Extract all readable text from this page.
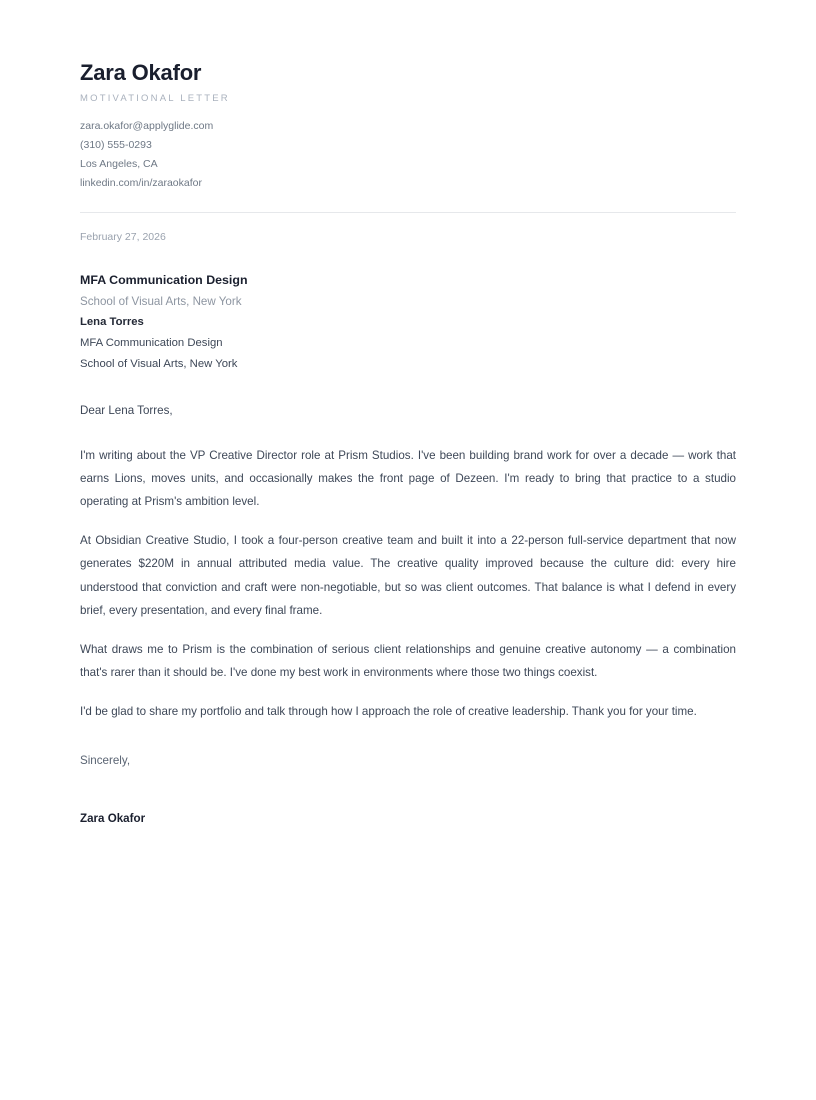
Zara Okafor
MOTIVATIONAL LETTER
zara.okafor@applyglide.com
(310) 555-0293
Los Angeles, CA
linkedin.com/in/zaraokafor
February 27, 2026
MFA Communication Design
School of Visual Arts, New York
Lena Torres
MFA Communication Design
School of Visual Arts, New York

Dear Lena Torres,

I'm writing about the VP Creative Director role at Prism Studios. I've been building brand work for over a decade — work that earns Lions, moves units, and occasionally makes the front page of Dezeen. I'm ready to bring that practice to a studio operating at Prism's ambition level.

At Obsidian Creative Studio, I took a four-person creative team and built it into a 22-person full-service department that now generates $220M in annual attributed media value. The creative quality improved because the culture did: every hire understood that conviction and craft were non-negotiable, but so was client outcomes. That balance is what I defend in every brief, every presentation, and every final frame.

What draws me to Prism is the combination of serious client relationships and genuine creative autonomy — a combination that's rarer than it should be. I've done my best work in environments where those two things coexist.

I'd be glad to share my portfolio and talk through how I approach the role of creative leadership. Thank you for your time.

Sincerely,

Zara Okafor
